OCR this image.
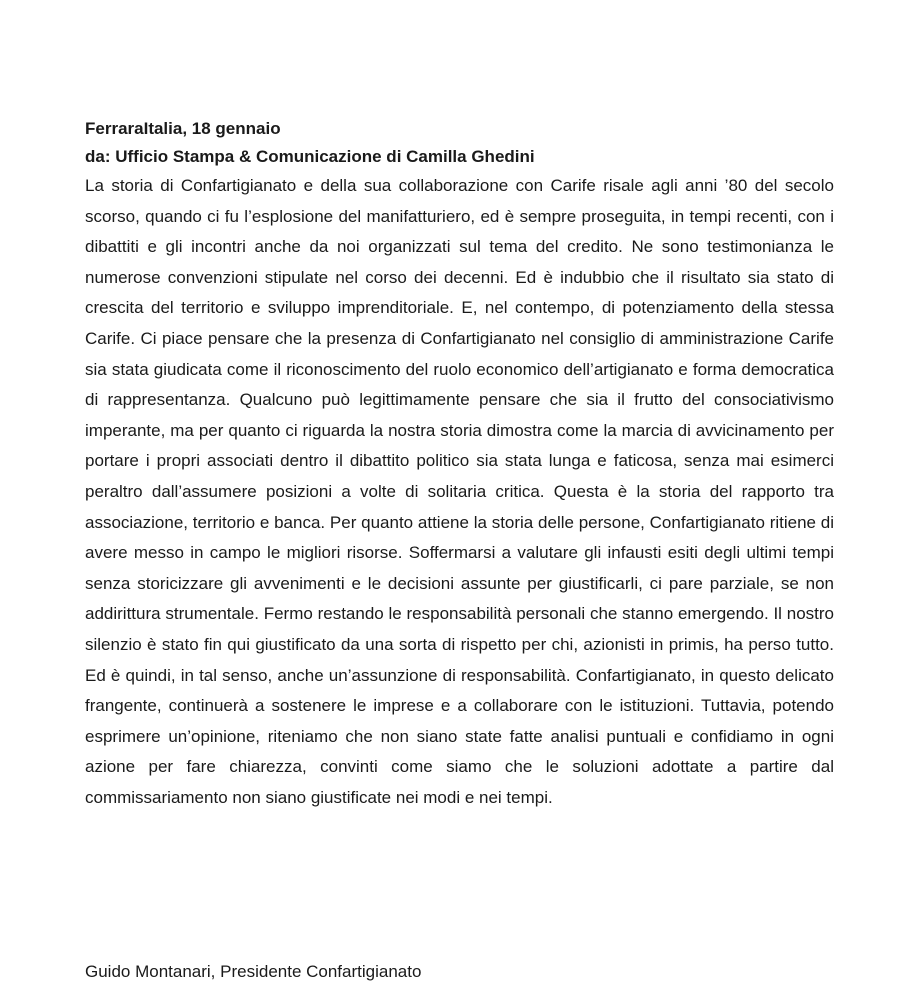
FerraraItalia, 18 gennaio

da: Ufficio Stampa & Comunicazione di Camilla Ghedini

La storia di Confartigianato e della sua collaborazione con Carife risale agli anni ’80 del secolo scorso, quando ci fu l’esplosione del manifatturiero, ed è sempre proseguita, in tempi recenti, con i dibattiti e gli incontri anche da noi organizzati sul tema del credito. Ne sono testimonianza le numerose convenzioni stipulate nel corso dei decenni. Ed è indubbio che il risultato sia stato di crescita del territorio e sviluppo imprenditoriale. E, nel contempo, di potenziamento della stessa Carife. Ci piace pensare che la presenza di Confartigianato nel consiglio di amministrazione Carife sia stata giudicata come il riconoscimento del ruolo economico dell’artigianato e forma democratica di rappresentanza. Qualcuno può legittimamente pensare che sia il frutto del consociativismo imperante, ma per quanto ci riguarda la nostra storia dimostra come la marcia di avvicinamento per portare i propri associati dentro il dibattito politico sia stata lunga e faticosa, senza mai esimerci peraltro dall’assumere posizioni a volte di solitaria critica. Questa è la storia del rapporto tra associazione, territorio e banca. Per quanto attiene la storia delle persone, Confartigianato ritiene di avere messo in campo le migliori risorse. Soffermarsi a valutare gli infausti esiti degli ultimi tempi senza storicizzare gli avvenimenti e le decisioni assunte per giustificarli, ci pare parziale, se non addirittura strumentale. Fermo restando le responsabilità personali che stanno emergendo. Il nostro silenzio è stato fin qui giustificato da una sorta di rispetto per chi, azionisti in primis, ha perso tutto. Ed è quindi, in tal senso, anche un’assunzione di responsabilità. Confartigianato, in questo delicato frangente, continuerà a sostenere le imprese e a collaborare con le istituzioni. Tuttavia, potendo esprimere un’opinione, riteniamo che non siano state fatte analisi puntuali e confidiamo in ogni azione per fare chiarezza, convinti come siamo che le soluzioni adottate a partire dal commissariamento non siano giustificate nei modi e nei tempi.

Guido Montanari, Presidente Confartigianato
